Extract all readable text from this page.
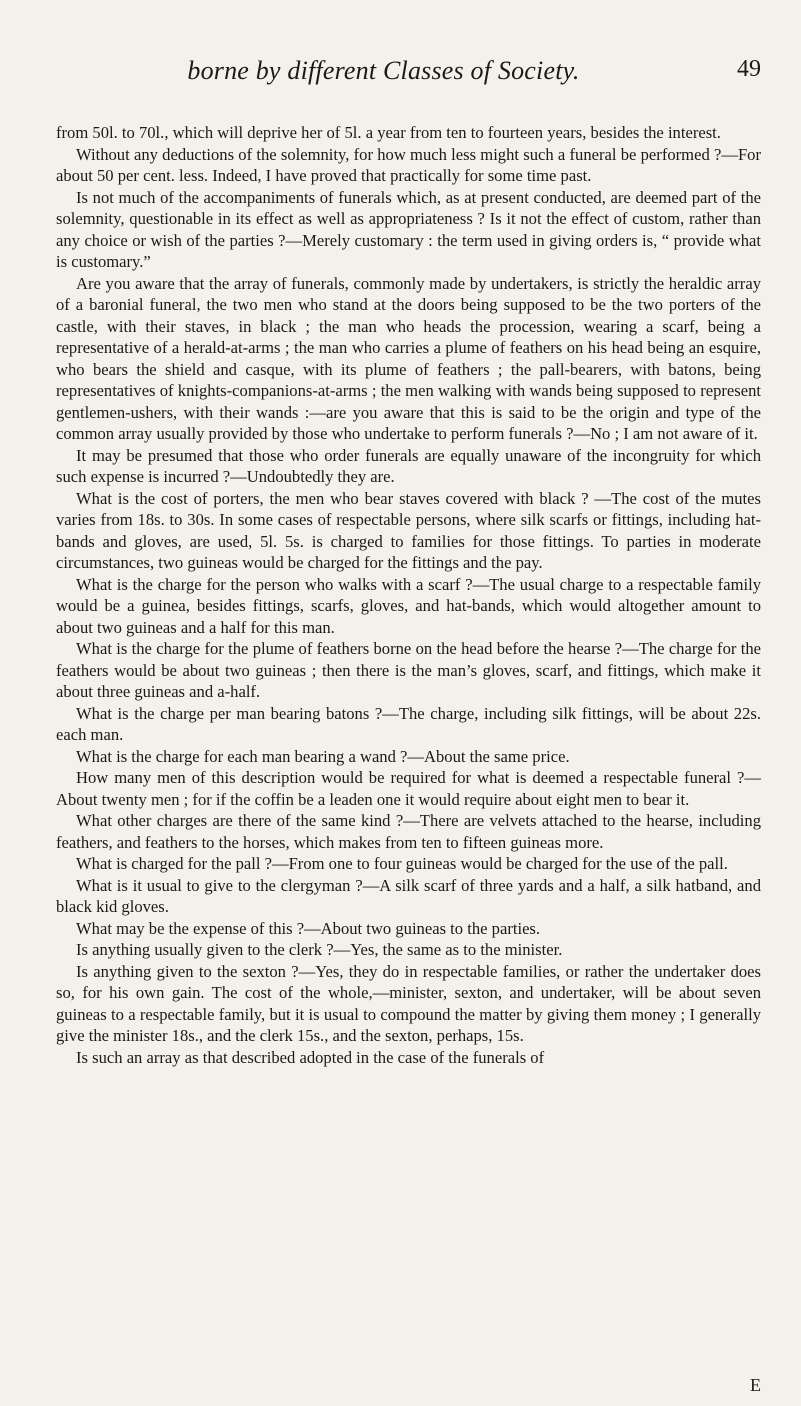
borne by different Classes of Society.	49

from 50l. to 70l., which will deprive her of 5l. a year from ten to fourteen years, besides the interest.

Without any deductions of the solemnity, for how much less might such a funeral be performed ?—For about 50 per cent. less. Indeed, I have proved that practically for some time past.

Is not much of the accompaniments of funerals which, as at present conducted, are deemed part of the solemnity, questionable in its effect as well as appropriateness ? Is it not the effect of custom, rather than any choice or wish of the parties ?—Merely customary : the term used in giving orders is, “ provide what is customary.”

Are you aware that the array of funerals, commonly made by undertakers, is strictly the heraldic array of a baronial funeral, the two men who stand at the doors being supposed to be the two porters of the castle, with their staves, in black ; the man who heads the procession, wearing a scarf, being a representative of a herald-at-arms ; the man who carries a plume of feathers on his head being an esquire, who bears the shield and casque, with its plume of feathers ; the pall-bearers, with batons, being representatives of knights-companions-at-arms ; the men walking with wands being supposed to represent gentlemen-ushers, with their wands :—are you aware that this is said to be the origin and type of the common array usually provided by those who undertake to perform funerals ?—No ; I am not aware of it.

It may be presumed that those who order funerals are equally unaware of the incongruity for which such expense is incurred ?—Undoubtedly they are.

What is the cost of porters, the men who bear staves covered with black ? —The cost of the mutes varies from 18s. to 30s. In some cases of respectable persons, where silk scarfs or fittings, including hat-bands and gloves, are used, 5l. 5s. is charged to families for those fittings. To parties in moderate circumstances, two guineas would be charged for the fittings and the pay.

What is the charge for the person who walks with a scarf ?—The usual charge to a respectable family would be a guinea, besides fittings, scarfs, gloves, and hat-bands, which would altogether amount to about two guineas and a half for this man.

What is the charge for the plume of feathers borne on the head before the hearse ?—The charge for the feathers would be about two guineas ; then there is the man’s gloves, scarf, and fittings, which make it about three guineas and a-half.

What is the charge per man bearing batons ?—The charge, including silk fittings, will be about 22s. each man.

What is the charge for each man bearing a wand ?—About the same price.

How many men of this description would be required for what is deemed a respectable funeral ?—About twenty men ; for if the coffin be a leaden one it would require about eight men to bear it.

What other charges are there of the same kind ?—There are velvets attached to the hearse, including feathers, and feathers to the horses, which makes from ten to fifteen guineas more.

What is charged for the pall ?—From one to four guineas would be charged for the use of the pall.

What is it usual to give to the clergyman ?—A silk scarf of three yards and a half, a silk hatband, and black kid gloves.

What may be the expense of this ?—About two guineas to the parties.

Is anything usually given to the clerk ?—Yes, the same as to the minister.

Is anything given to the sexton ?—Yes, they do in respectable families, or rather the undertaker does so, for his own gain. The cost of the whole,—minister, sexton, and undertaker, will be about seven guineas to a respectable family, but it is usual to compound the matter by giving them money ; I generally give the minister 18s., and the clerk 15s., and the sexton, perhaps, 15s.

Is such an array as that described adopted in the case of the funerals of

E
